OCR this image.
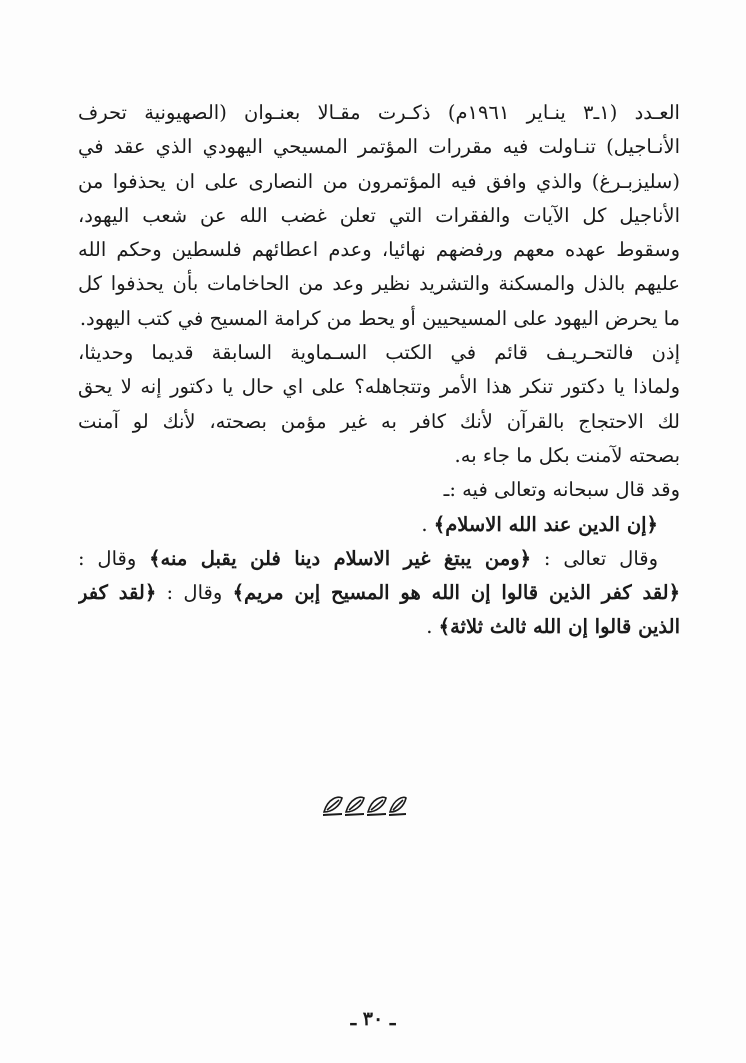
العـدد (١ـ٣ ينـاير ١٩٦١م) ذكـرت مقـالا بعنـوان (الصهيونية تحرف
الأنـاجيل) تنـاولت فيه مقررات المؤتمر المسيحي اليهودي الذي عقد في
(سليزبـرغ) والذي وافق فيه المؤتمرون من النصارى على ان يحذفوا من
الأناجيل كل الآيات والفقرات التي تعلن غضب الله عن شعب اليهود،
وسقوط عهده معهم ورفضهم نهائيا، وعدم اعطائهم فلسطين وحكم الله
عليهم بالذل والمسكنة والتشريد نظير وعد من الحاخامات بأن يحذفوا كل
ما يحرض اليهود على المسيحيين أو يحط من كرامة المسيح في كتب اليهود.

إذن فالتحـريـف قائم في الكتب السـماوية السابقة قديما وحديثا،
ولماذا يا دكتور تنكر هذا الأمر وتتجاهله؟ على اي حال يا دكتور إنه لا يحق
لك الاحتجاج بالقرآن لأنك كافر به غير مؤمن بصحته، لأنك لو آمنت
بصحته لآمنت بكل ما جاء به.

وقد قال سبحانه وتعالى فيه :ـ
﴿إن الدين عند الله الاسلام﴾ .
وقال تعالى : ﴿ومن يبتغ غير الاسلام دينا فلن يقبل منه﴾ وقال :
﴿لقد كفر الذين قالوا إن الله هو المسيح إبن مريم﴾ وقال : ﴿لقد كفر
الذين قالوا إن الله ثالث ثلاثة﴾ .

ـ ٣٠ ـ
